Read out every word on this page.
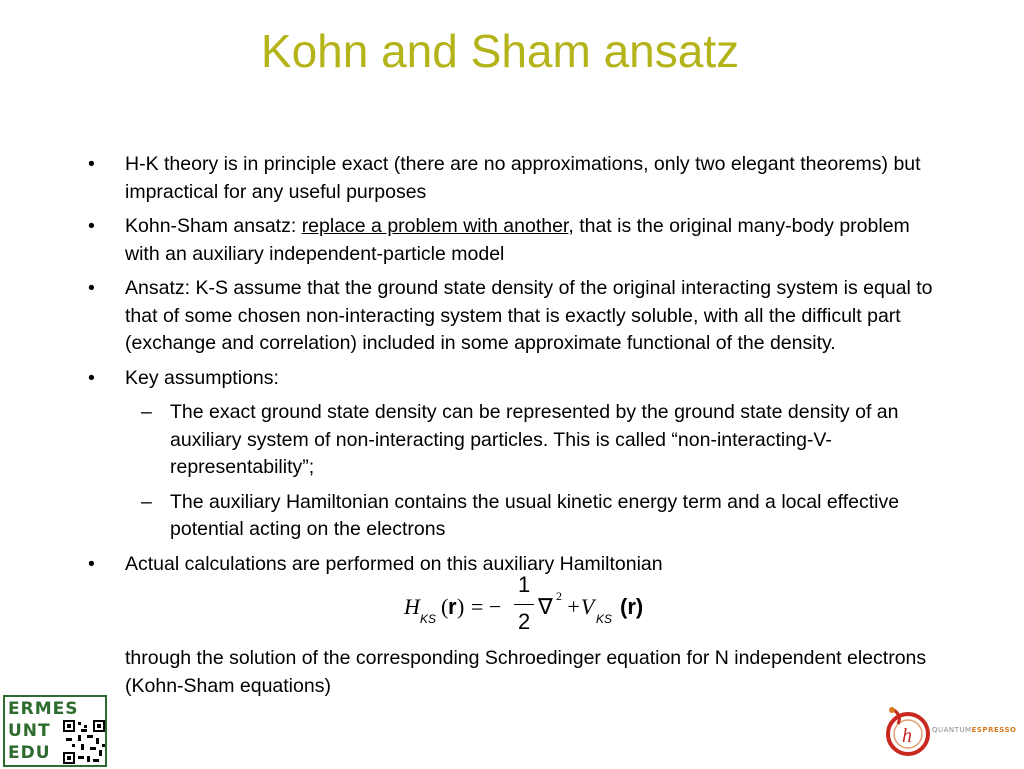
Kohn and Sham ansatz
• H-K theory is in principle exact (there are no approximations, only two elegant theorems) but impractical for any useful purposes
• Kohn-Sham ansatz: replace a problem with another, that is the original many-body problem with an auxiliary independent-particle model
• Ansatz: K-S assume that the ground state density of the original interacting system is equal to that of some chosen non-interacting system that is exactly soluble, with all the difficult part (exchange and correlation) included in some approximate functional of the density.
• Key assumptions:
– The exact ground state density can be represented by the ground state density of an auxiliary system of non-interacting particles. This is called “non-interacting-V-representability”;
– The auxiliary Hamiltonian contains the usual kinetic energy term and a local effective potential acting on the electrons
• Actual calculations are performed on this auxiliary Hamiltonian
H KS ( r ) = −
1
2
∇ 2 +V KS (r)
through the solution of the corresponding Schroedinger equation for N independent electrons (Kohn-Sham equations)
ERMES
UNT
EDU
h	QUANTUMESPRESSO
